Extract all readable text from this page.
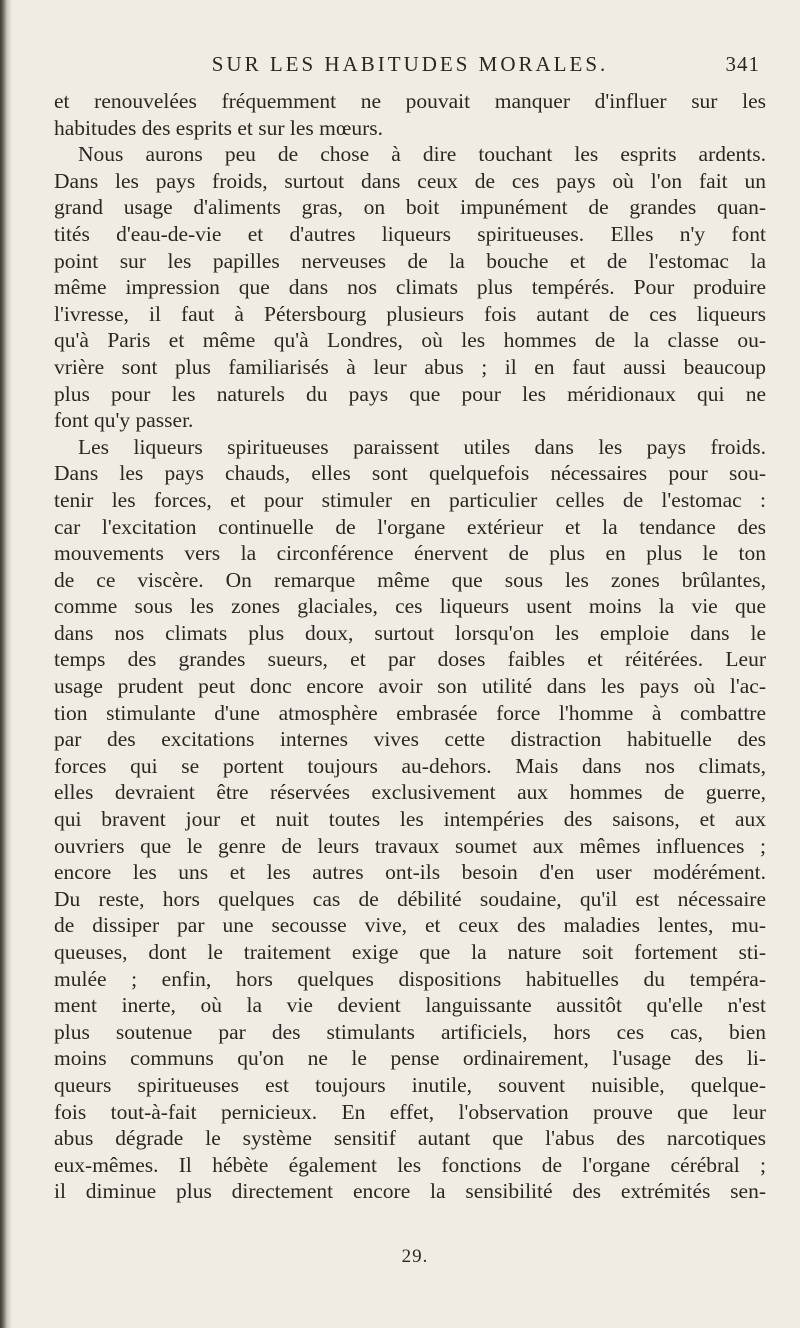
SUR LES HABITUDES MORALES.	341
et renouvelées fréquemment ne pouvait manquer d'influer sur les
habitudes des esprits et sur les mœurs.
Nous aurons peu de chose à dire touchant les esprits ardents.
Dans les pays froids, surtout dans ceux de ces pays où l'on fait un
grand usage d'aliments gras, on boit impunément de grandes quan-
tités d'eau-de-vie et d'autres liqueurs spiritueuses. Elles n'y font
point sur les papilles nerveuses de la bouche et de l'estomac la
même impression que dans nos climats plus tempérés. Pour produire
l'ivresse, il faut à Pétersbourg plusieurs fois autant de ces liqueurs
qu'à Paris et même qu'à Londres, où les hommes de la classe ou-
vrière sont plus familiarisés à leur abus ; il en faut aussi beaucoup
plus pour les naturels du pays que pour les méridionaux qui ne
font qu'y passer.
Les liqueurs spiritueuses paraissent utiles dans les pays froids.
Dans les pays chauds, elles sont quelquefois nécessaires pour sou-
tenir les forces, et pour stimuler en particulier celles de l'estomac :
car l'excitation continuelle de l'organe extérieur et la tendance des
mouvements vers la circonférence énervent de plus en plus le ton
de ce viscère. On remarque même que sous les zones brûlantes,
comme sous les zones glaciales, ces liqueurs usent moins la vie que
dans nos climats plus doux, surtout lorsqu'on les emploie dans le
temps des grandes sueurs, et par doses faibles et réitérées. Leur
usage prudent peut donc encore avoir son utilité dans les pays où l'ac-
tion stimulante d'une atmosphère embrasée force l'homme à combattre
par des excitations internes vives cette distraction habituelle des
forces qui se portent toujours au-dehors. Mais dans nos climats,
elles devraient être réservées exclusivement aux hommes de guerre,
qui bravent jour et nuit toutes les intempéries des saisons, et aux
ouvriers que le genre de leurs travaux soumet aux mêmes influences ;
encore les uns et les autres ont-ils besoin d'en user modérément.
Du reste, hors quelques cas de débilité soudaine, qu'il est nécessaire
de dissiper par une secousse vive, et ceux des maladies lentes, mu-
queuses, dont le traitement exige que la nature soit fortement sti-
mulée ; enfin, hors quelques dispositions habituelles du tempéra-
ment inerte, où la vie devient languissante aussitôt qu'elle n'est
plus soutenue par des stimulants artificiels, hors ces cas, bien
moins communs qu'on ne le pense ordinairement, l'usage des li-
queurs spiritueuses est toujours inutile, souvent nuisible, quelque-
fois tout-à-fait pernicieux. En effet, l'observation prouve que leur
abus dégrade le système sensitif autant que l'abus des narcotiques
eux-mêmes. Il hébète également les fonctions de l'organe cérébral ;
il diminue plus directement encore la sensibilité des extrémités sen-
29.
